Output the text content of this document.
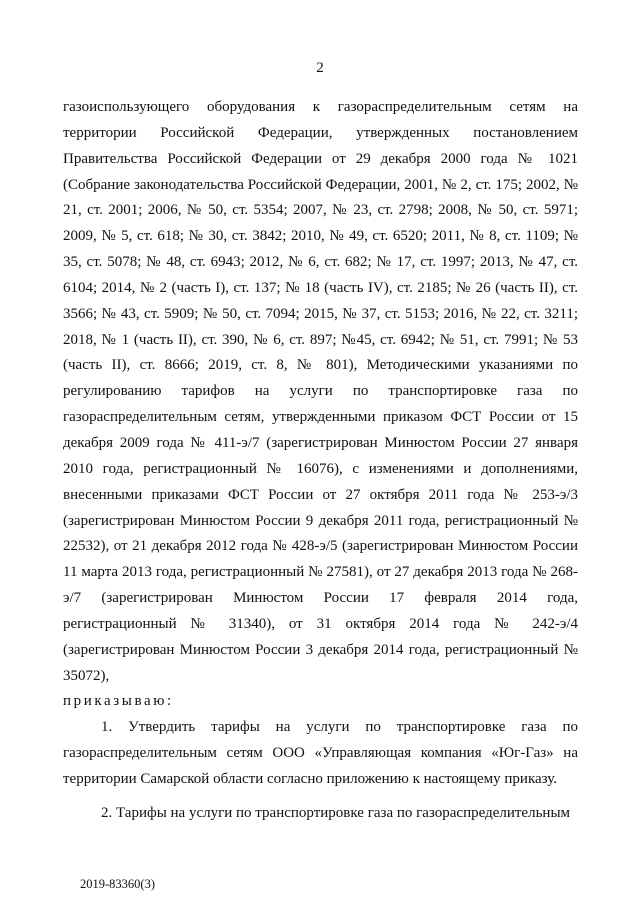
2

газоиспользующего оборудования к газораспределительным сетям на территории Российской Федерации, утвержденных постановлением Правительства Российской Федерации от 29 декабря 2000 года № 1021 (Собрание законодательства Российской Федерации, 2001, № 2, ст. 175; 2002, № 21, ст. 2001; 2006, № 50, ст. 5354; 2007, № 23, ст. 2798; 2008, № 50, ст. 5971; 2009, № 5, ст. 618; № 30, ст. 3842; 2010, № 49, ст. 6520; 2011, № 8, ст. 1109; № 35, ст. 5078; № 48, ст. 6943; 2012, № 6, ст. 682; № 17, ст. 1997; 2013, № 47, ст. 6104; 2014, № 2 (часть I), ст. 137; № 18 (часть IV), ст. 2185; № 26 (часть II), ст. 3566; № 43, ст. 5909; № 50, ст. 7094; 2015, № 37, ст. 5153; 2016, № 22, ст. 3211; 2018, № 1 (часть II), ст. 390, № 6, ст. 897; №45, ст. 6942; № 51, ст. 7991; № 53 (часть II), ст. 8666; 2019, ст. 8, № 801), Методическими указаниями по регулированию тарифов на услуги по транспортировке газа по газораспределительным сетям, утвержденными приказом ФСТ России от 15 декабря 2009 года № 411-э/7 (зарегистрирован Минюстом России 27 января 2010 года, регистрационный № 16076), с изменениями и дополнениями, внесенными приказами ФСТ России от 27 октября 2011 года № 253-э/3 (зарегистрирован Минюстом России 9 декабря 2011 года, регистрационный № 22532), от 21 декабря 2012 года № 428-э/5 (зарегистрирован Минюстом России 11 марта 2013 года, регистрационный № 27581), от 27 декабря 2013 года № 268-э/7 (зарегистрирован Минюстом России 17 февраля 2014 года, регистрационный № 31340), от 31 октября 2014 года № 242-э/4 (зарегистрирован Минюстом России 3 декабря 2014 года, регистрационный № 35072),

приказываю:

1. Утвердить тарифы на услуги по транспортировке газа по газораспределительным сетям ООО «Управляющая компания «Юг-Газ» на территории Самарской области согласно приложению к настоящему приказу.

2. Тарифы на услуги по транспортировке газа по газораспределительным

2019-83360(3)
